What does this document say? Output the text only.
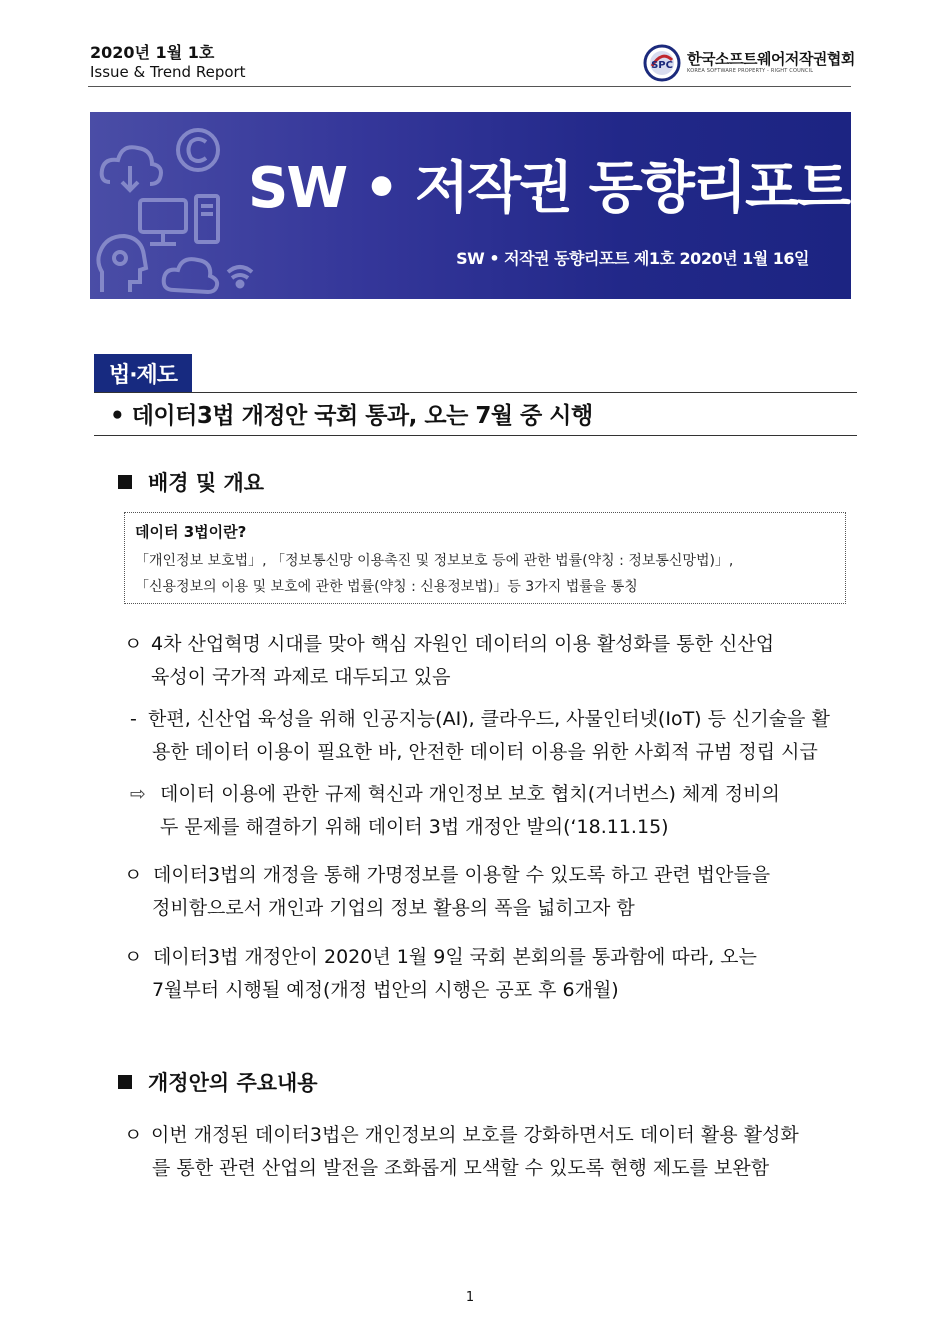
2020년 1월 1호
Issue & Trend Report	SPC 한국소프트웨어저작권협회
KOREA SOFTWARE PROPERTY - RIGHT COUNCIL
SW • 저작권 동향리포트
SW • 저작권 동향리포트 제1호 2020년 1월 16일
법·제도
• 데이터3법 개정안 국회 통과, 오는 7월 중 시행
배경 및 개요
데이터 3법이란?
「개인정보 보호법」, 「정보통신망 이용촉진 및 정보보호 등에 관한 법률(약칭 : 정보통신망법)」,
「신용정보의 이용 및 보호에 관한 법률(약칭 : 신용정보법)」등 3가지 법률을 통칭
ㅇ 4차 산업혁명 시대를 맞아 핵심 자원인 데이터의 이용 활성화를 통한 신산업
육성이 국가적 과제로 대두되고 있음
- 한편, 신산업 육성을 위해 인공지능(AI), 클라우드, 사물인터넷(IoT) 등 신기술을 활
용한 데이터 이용이 필요한 바, 안전한 데이터 이용을 위한 사회적 규범 정립 시급
⇨ 데이터 이용에 관한 규제 혁신과 개인정보 보호 협치(거너번스) 체계 정비의
두 문제를 해결하기 위해 데이터 3법 개정안 발의(‘18.11.15)
ㅇ 데이터3법의 개정을 통해 가명정보를 이용할 수 있도록 하고 관련 법안들을
정비함으로서 개인과 기업의 정보 활용의 폭을 넓히고자 함
ㅇ 데이터3법 개정안이 2020년 1월 9일 국회 본회의를 통과함에 따라, 오는
7월부터 시행될 예정(개정 법안의 시행은 공포 후 6개월)
개정안의 주요내용
ㅇ 이번 개정된 데이터3법은 개인정보의 보호를 강화하면서도 데이터 활용 활성화
를 통한 관련 산업의 발전을 조화롭게 모색할 수 있도록 현행 제도를 보완함
1
